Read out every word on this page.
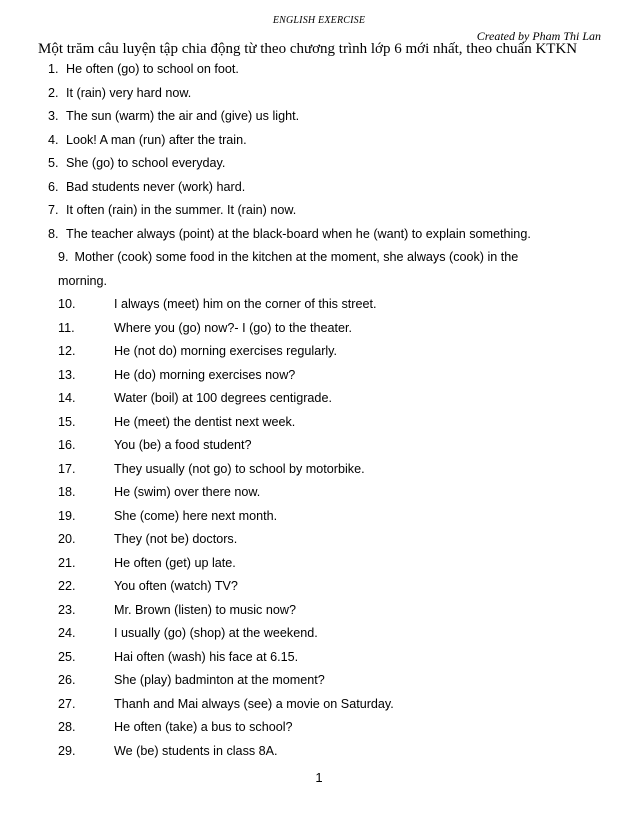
ENGLISH EXERCISE
Created by Pham Thi Lan
Một trăm câu luyện tập chia động từ theo chương trình lớp 6 mới nhất, theo chuẩn KTKN
1. He often (go) to school on foot.
2. It (rain) very hard now.
3. The sun (warm) the air and (give) us light.
4. Look! A man (run) after the train.
5. She (go) to school everyday.
6. Bad students never (work) hard.
7. It often (rain) in the summer. It (rain) now.
8. The teacher always (point) at the black-board when he (want) to explain something.
9. Mother (cook) some food in the kitchen at the moment, she always (cook) in the morning.
10.	I always (meet) him on the corner of this street.
11.	Where you (go) now?- I (go) to the theater.
12.	He (not do) morning exercises regularly.
13.	He (do) morning exercises now?
14.	Water (boil) at 100 degrees centigrade.
15.	He (meet) the dentist next week.
16.	You (be) a food student?
17.	They usually (not go) to school by motorbike.
18.	He (swim) over there now.
19.	She (come) here next month.
20.	They (not be) doctors.
21.	He often (get) up late.
22.	You often (watch) TV?
23.	Mr. Brown (listen) to music now?
24.	I usually (go) (shop) at the weekend.
25.	Hai often (wash) his face at 6.15.
26.	She (play) badminton at the moment?
27.	Thanh and Mai always (see) a movie on Saturday.
28.	He often (take) a bus to school?
29.	We (be) students in class 8A.
1
